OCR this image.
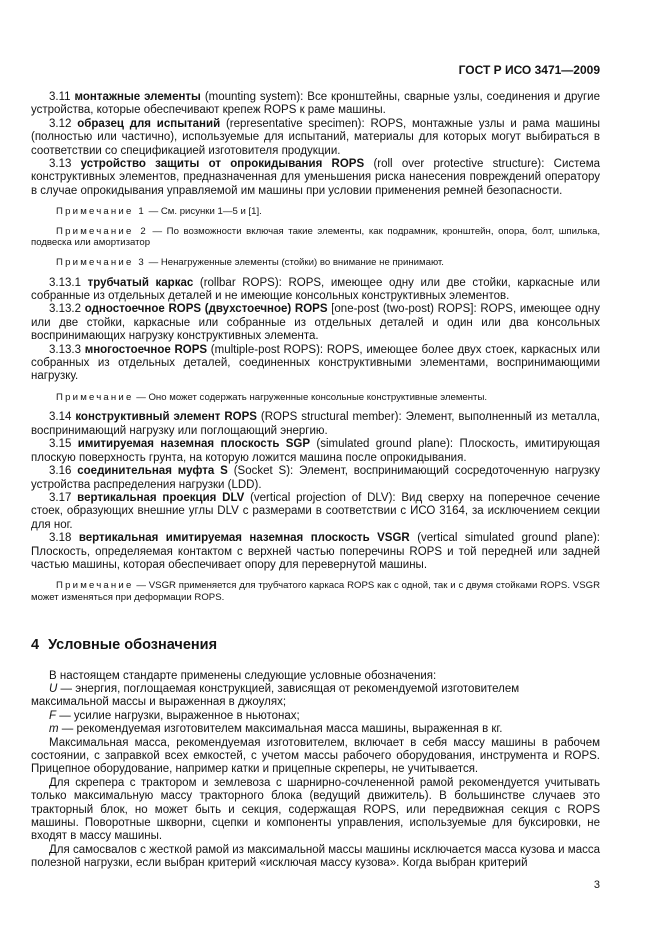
ГОСТ Р ИСО 3471—2009

3.11 монтажные элементы (mounting system): Все кронштейны, сварные узлы, соединения и другие устройства, которые обеспечивают крепеж ROPS к раме машины.

3.12 образец для испытаний (representative specimen): ROPS, монтажные узлы и рама машины (полностью или частично), используемые для испытаний, материалы для которых могут выбираться в соответствии со спецификацией изготовителя продукции.

3.13 устройство защиты от опрокидывания ROPS (roll over protective structure): Система конструктивных элементов, предназначенная для уменьшения риска нанесения повреждений оператору в случае опрокидывания управляемой им машины при условии применения ремней безопасности.

Примечание 1 — См. рисунки 1—5 и [1].

Примечание 2 — По возможности включая такие элементы, как подрамник, кронштейн, опора, болт, шпилька, подвеска или амортизатор

Примечание 3 — Ненагруженные элементы (стойки) во внимание не принимают.

3.13.1 трубчатый каркас (rollbar ROPS): ROPS, имеющее одну или две стойки, каркасные или собранные из отдельных деталей и не имеющие консольных конструктивных элементов.

3.13.2 одностоечное ROPS (двухстоечное) ROPS [one-post (two-post) ROPS]: ROPS, имеющее одну или две стойки, каркасные или собранные из отдельных деталей и один или два консольных воспринимающих нагрузку конструктивных элемента.

3.13.3 многостоечное ROPS (multiple-post ROPS): ROPS, имеющее более двух стоек, каркасных или собранных из отдельных деталей, соединенных конструктивными элементами, воспринимающими нагрузку.

Примечание — Оно может содержать нагруженные консольные конструктивные элементы.

3.14 конструктивный элемент ROPS (ROPS structural member): Элемент, выполненный из металла, воспринимающий нагрузку или поглощающий энергию.

3.15 имитируемая наземная плоскость SGP (simulated ground plane): Плоскость, имитирующая плоскую поверхность грунта, на которую ложится машина после опрокидывания.

3.16 соединительная муфта S (Socket S): Элемент, воспринимающий сосредоточенную нагрузку устройства распределения нагрузки (LDD).

3.17 вертикальная проекция DLV (vertical projection of DLV): Вид сверху на поперечное сечение стоек, образующих внешние углы DLV с размерами в соответствии с ИСО 3164, за исключением секции для ног.

3.18 вертикальная имитируемая наземная плоскость VSGR (vertical simulated ground plane): Плоскость, определяемая контактом с верхней частью поперечины ROPS и той передней или задней частью машины, которая обеспечивает опору для перевернутой машины.

Примечание — VSGR применяется для трубчатого каркаса ROPS как с одной, так и с двумя стойками ROPS. VSGR может изменяться при деформации ROPS.

4 Условные обозначения

В настоящем стандарте применены следующие условные обозначения:

U — энергия, поглощаемая конструкцией, зависящая от рекомендуемой изготовителем максимальной массы и выраженная в джоулях;

F — усилие нагрузки, выраженное в ньютонах;

m — рекомендуемая изготовителем максимальная масса машины, выраженная в кг.

Максимальная масса, рекомендуемая изготовителем, включает в себя массу машины в рабочем состоянии, с заправкой всех емкостей, с учетом массы рабочего оборудования, инструмента и ROPS. Прицепное оборудование, например катки и прицепные скреперы, не учитывается.

Для скрепера с трактором и землевоза с шарнирно-сочлененной рамой рекомендуется учитывать только максимальную массу тракторного блока (ведущий движитель). В большинстве случаев это тракторный блок, но может быть и секция, содержащая ROPS, или передвижная секция с ROPS машины. Поворотные шкворни, сцепки и компоненты управления, используемые для буксировки, не входят в массу машины.

Для самосвалов с жесткой рамой из максимальной массы машины исключается масса кузова и масса полезной нагрузки, если выбран критерий «исключая массу кузова». Когда выбран критерий

3
